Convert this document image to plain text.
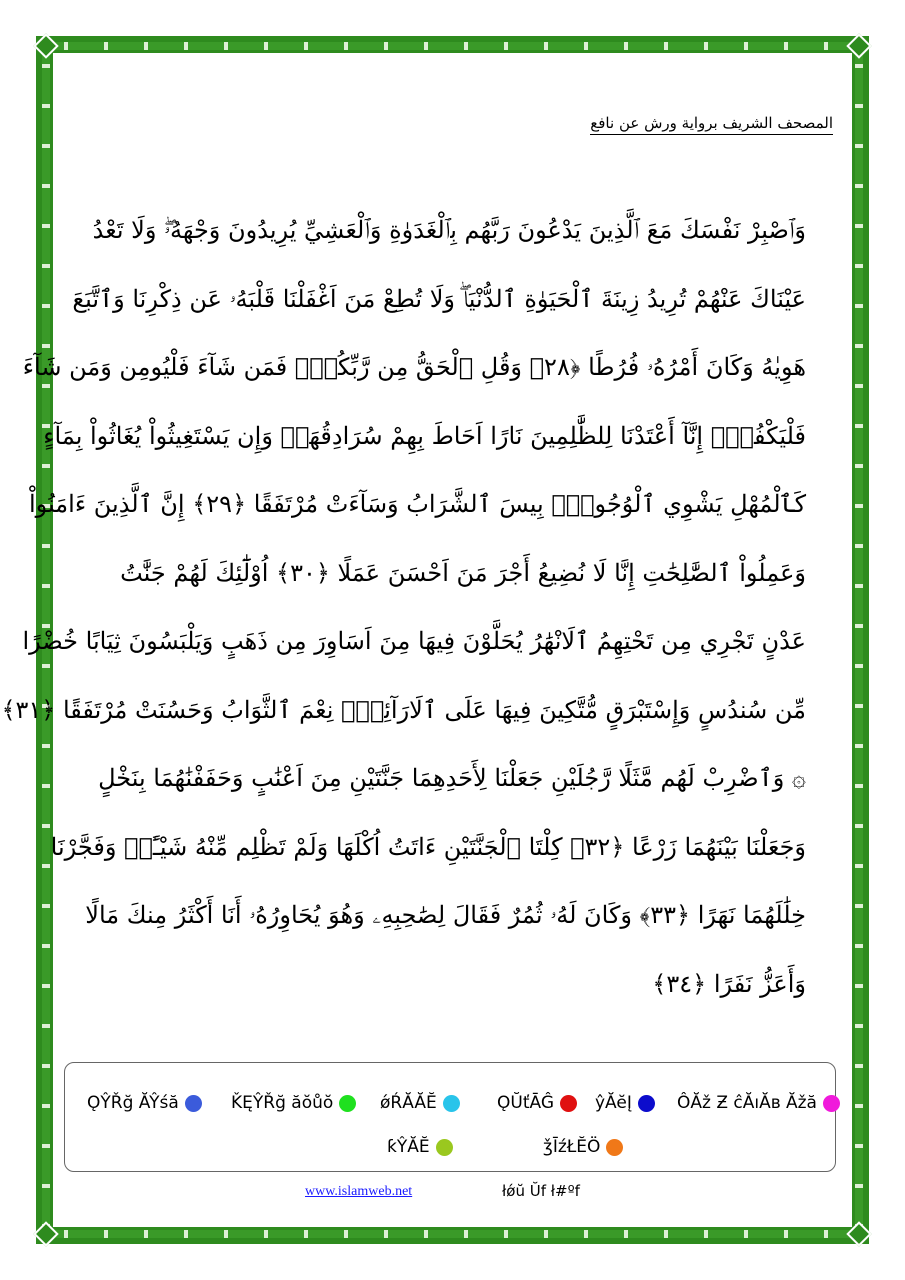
المصحف الشريف برواية ورش عن نافع
وَٱصْبِرْ نَفْسَكَ مَعَ ٱلَّذِينَ يَدْعُونَ رَبَّهُم بِٱلْغَدَوٰةِ وَٱلْعَشِيِّ يُرِيدُونَ وَجْهَهُۥۖ وَلَا تَعْدُ
عَيْنَاكَ عَنْهُمْ تُرِيدُ زِينَةَ ٱلْحَيَوٰةِ ٱلدُّنْيَاۖ وَلَا تُطِعْ مَنَ اَغْفَلْنَا قَلْبَهُۥ عَن ذِكْرِنَا وَٱتَّبَعَ
هَوِيٰهُ وَكَانَ أَمْرُهُۥ فُرُطًا ﴿٢٨﴾ وَقُلِ ٱلْحَقُّ مِن رَّبِّكُمْۖ فَمَن شَآءَ فَلْيُومِن وَمَن شَآءَ
فَلْيَكْفُرْۚ إِنَّآ أَعْتَدْنَا لِلظَّٰلِمِينَ نَارًا اَحَاطَ بِهِمْ سُرَادِقُهَاۚ وَإِن يَسْتَغِيثُواْ يُغَاثُواْ بِمَآءٍ
كَٱلْمُهْلِ يَشْوِي ٱلْوُجُوهَۚ بِيسَ ٱلشَّرَابُ وَسَآءَتْ مُرْتَفَقًا ﴿٢٩﴾ إِنَّ ٱلَّذِينَ ءَامَنُواْ
وَعَمِلُواْ ٱلصَّٰلِحَٰتِ إِنَّا لَا نُضِيعُ أَجْرَ مَنَ اَحْسَنَ عَمَلًا ﴿٣٠﴾ اُوْلَٰٓئِكَ لَهُمْ جَنَّٰتُ
عَدْنٍ تَجْرِي مِن تَحْتِهِمُ ٱلَانْهَٰرُ يُحَلَّوْنَ فِيهَا مِنَ اَسَاوِرَ مِن ذَهَبٍ وَيَلْبَسُونَ ثِيَابًا خُضْرًا
مِّن سُندُسٍ وَإِسْتَبْرَقٍ مُّتَّكِينَ فِيهَا عَلَى ٱلَارَآئِكِۚ نِعْمَ ٱلثَّوَابُ وَحَسُنَتْ مُرْتَفَقًا ﴿٣١﴾
۞ وَٱضْرِبْ لَهُم مَّثَلًا رَّجُلَيْنِ جَعَلْنَا لِأَحَدِهِمَا جَنَّتَيْنِ مِنَ اَعْنَٰبٍ وَحَفَفْنَٰهُمَا بِنَخْلٍ
وَجَعَلْنَا بَيْنَهُمَا زَرْعًا ﴿٣٢﴾ كِلْتَا ٱلْجَنَّتَيْنِ ءَاتَتُ اُكْلَهَا وَلَمْ تَظْلِم مِّنْهُ شَيْـًٔاۚ وَفَجَّرْنَا
خِلَٰلَهُمَا نَهَرًا ﴿٣٣﴾ وَكَانَ لَهُۥ ثُمُرٌ فَقَالَ لِصَٰحِبِهِۦ وَهُوَ يُحَاوِرُهُۥ أَنَا أَكْثَرُ مِنكَ مَالًا
وَأَعَزُّ نَفَرًا ﴿٣٤﴾
ǪŶŘğ ĂŶśă	ǨĘŶŘğ ăŏůŏ	ǿŔĂĂĔ	ǪŬťĀĜ ŷĂĕĮ	ÔĂž Ƶ ĉĂıĂʙ Ăžă
ƙŶĂĔ	ǯĪźŁĔÖ
www.islamweb.net	łǿŭ Ŭf ł#ºf
